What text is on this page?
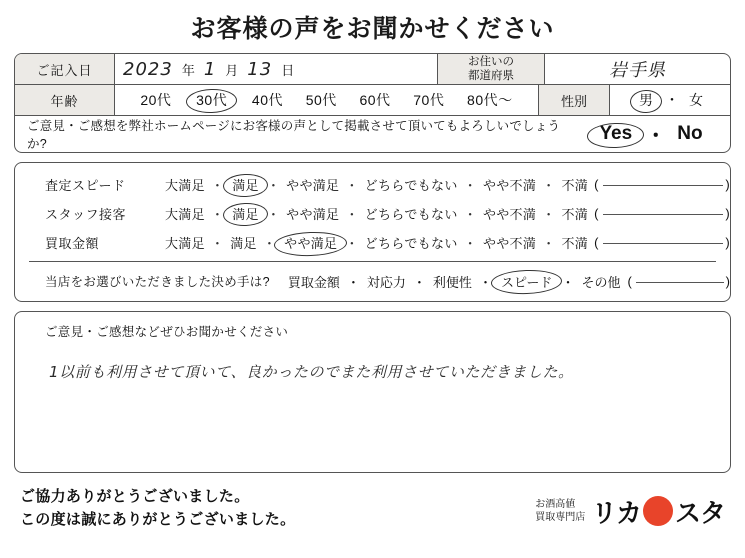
お客様の声をお聞かせください
ご記入日	2023 年 1 月 13 日
お住いの
都道府県	岩手県
年齢	20代 30代 40代 50代 60代 70代 80代～	性別	男 ・ 女
ご意見・ご感想を弊社ホームページにお客様の声として掲載させて頂いてもよろしいでしょうか?	Yes ・ No
査定スピード	大満足 ・ 満足 ・ やや満足 ・ どちらでもない ・ やや不満 ・ 不満 (	)
スタッフ接客	大満足 ・ 満足 ・ やや満足 ・ どちらでもない ・ やや不満 ・ 不満 (	)
買取金額	大満足 ・ 満足 ・ やや満足 ・ どちらでもない ・ やや不満 ・ 不満 (	)
当店をお選びいただきました決め手は? 買取金額 ・ 対応力 ・ 利便性 ・ スピード ・ その他 (	)
ご意見・ご感想などぜひお聞かせください
1以前も利用させて頂いて、良かったのでまた利用させていただきました。
ご協力ありがとうございました。
この度は誠にありがとうございました。
お酒高値
買取専門店 リカ スタ
